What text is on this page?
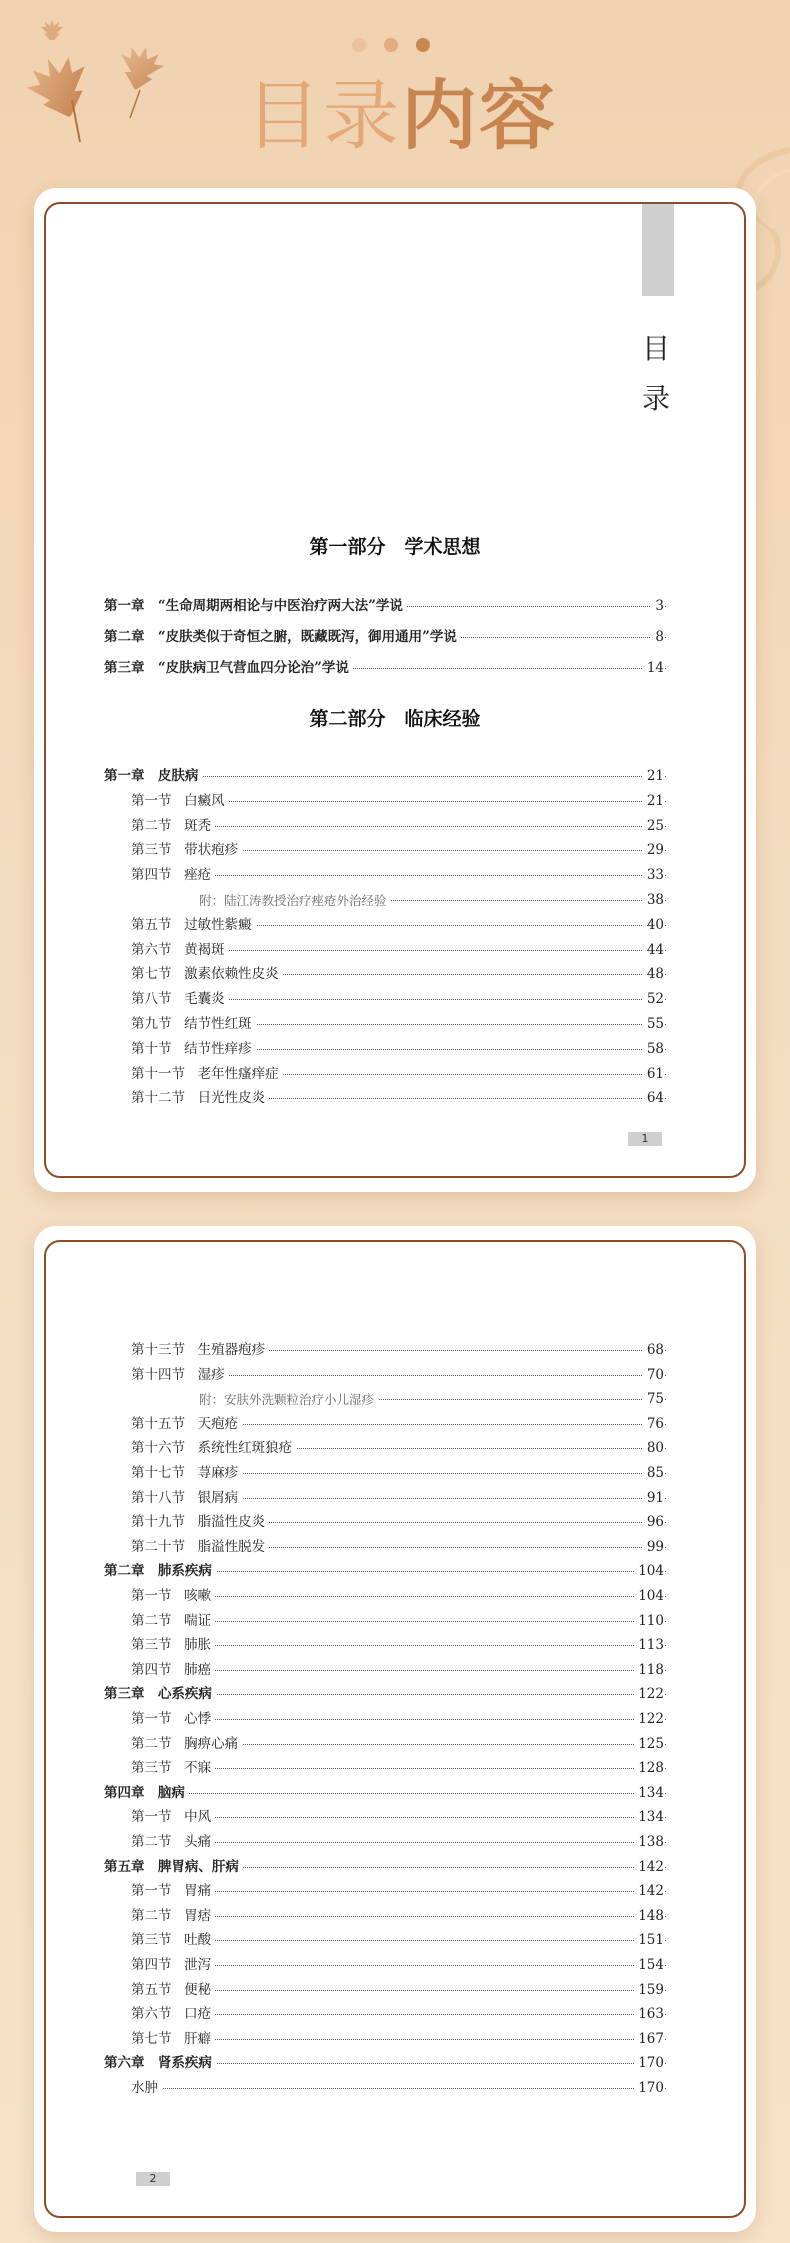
目录内容
目
录
第一部分　学术思想
第一章 “生命周期两相论与中医治疗两大法”学说	3
第二章 “皮肤类似于奇恒之腑，既藏既泻，御用通用”学说	8
第三章 “皮肤病卫气营血四分论治”学说	14
第二部分　临床经验
第一章 皮肤病	21
第一节 白癜风	21
第二节 斑秃	25
第三节 带状疱疹	29
第四节 痤疮	33
附：陆江涛教授治疗痤疮外治经验	38
第五节 过敏性紫癜	40
第六节 黄褐斑	44
第七节 激素依赖性皮炎	48
第八节 毛囊炎	52
第九节 结节性红斑	55
第十节 结节性痒疹	58
第十一节 老年性瘙痒症	61
第十二节 日光性皮炎	64
1
第十三节 生殖器疱疹	68
第十四节 湿疹	70
附：安肤外洗颗粒治疗小儿湿疹	75
第十五节 天疱疮	76
第十六节 系统性红斑狼疮	80
第十七节 荨麻疹	85
第十八节 银屑病	91
第十九节 脂溢性皮炎	96
第二十节 脂溢性脱发	99
第二章 肺系疾病	104
第一节 咳嗽	104
第二节 喘证	110
第三节 肺胀	113
第四节 肺癌	118
第三章 心系疾病	122
第一节 心悸	122
第二节 胸痹心痛	125
第三节 不寐	128
第四章 脑病	134
第一节 中风	134
第二节 头痛	138
第五章 脾胃病、肝病	142
第一节 胃痛	142
第二节 胃痞	148
第三节 吐酸	151
第四节 泄泻	154
第五节 便秘	159
第六节 口疮	163
第七节 肝癖	167
第六章 肾系疾病	170
水肿	170
2
